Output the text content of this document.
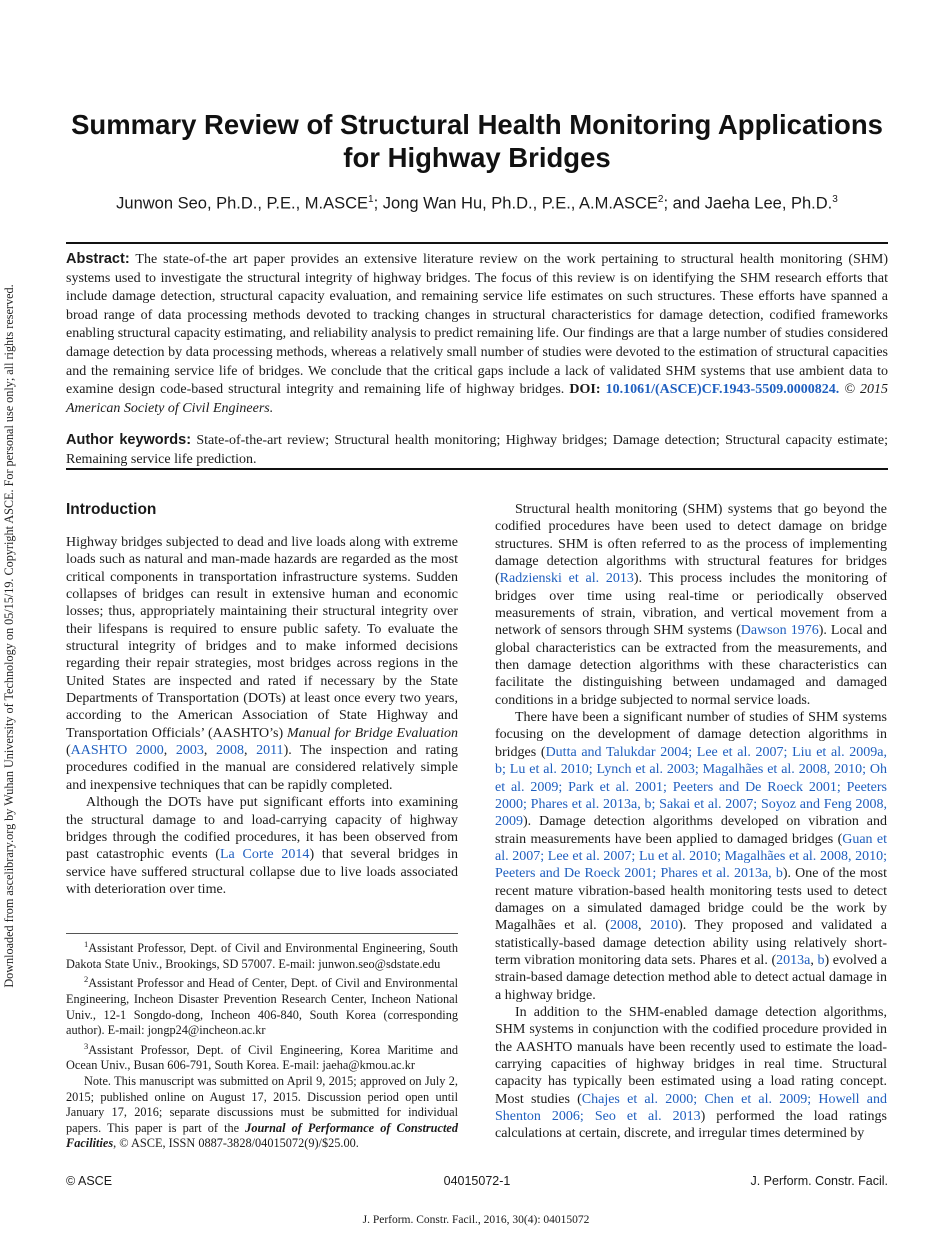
Downloaded from ascelibrary.org by Wuhan University of Technology on 05/15/19. Copyright ASCE. For personal use only; all rights reserved.
Summary Review of Structural Health Monitoring Applications for Highway Bridges
Junwon Seo, Ph.D., P.E., M.ASCE$^1$; Jong Wan Hu, Ph.D., P.E., A.M.ASCE$^2$; and Jaeha Lee, Ph.D.$^3$

Abstract: The state-of-the art paper provides an extensive literature review on the work pertaining to structural health monitoring (SHM) systems used to investigate the structural integrity of highway bridges. The focus of this review is on identifying the SHM research efforts that include damage detection, structural capacity evaluation, and remaining service life estimates on such structures. These efforts have spanned a broad range of data processing methods devoted to tracking changes in structural characteristics for damage detection, codified frameworks enabling structural capacity estimating, and reliability analysis to predict remaining life. Our findings are that a large number of studies considered damage detection by data processing methods, whereas a relatively small number of studies were devoted to the estimation of structural capacities and the remaining service life of bridges. We conclude that the critical gaps include a lack of validated SHM systems that use ambient data to examine design code-based structural integrity and remaining life of highway bridges. DOI: 10.1061/(ASCE)CF.1943-5509.0000824. © 2015 American Society of Civil Engineers.

Author keywords: State-of-the-art review; Structural health monitoring; Highway bridges; Damage detection; Structural capacity estimate; Remaining service life prediction.

Introduction

Highway bridges subjected to dead and live loads along with extreme loads such as natural and man-made hazards are regarded as the most critical components in transportation infrastructure systems. Sudden collapses of bridges can result in extensive human and economic losses; thus, appropriately maintaining their structural integrity over their lifespans is required to ensure public safety. To evaluate the structural integrity of bridges and to make informed decisions regarding their repair strategies, most bridges across regions in the United States are inspected and rated if necessary by the State Departments of Transportation (DOTs) at least once every two years, according to the American Association of State Highway and Transportation Officials’ (AASHTO’s) Manual for Bridge Evaluation (AASHTO 2000, 2003, 2008, 2011). The inspection and rating procedures codified in the manual are considered relatively simple and inexpensive techniques that can be rapidly completed.

Although the DOTs have put significant efforts into examining the structural damage to and load-carrying capacity of highway bridges through the codified procedures, it has been observed from past catastrophic events (La Corte 2014) that several bridges in service have suffered structural collapse due to live loads associated with deterioration over time.

$^1$Assistant Professor, Dept. of Civil and Environmental Engineering, South Dakota State Univ., Brookings, SD 57007. E-mail: junwon.seo@sdstate.edu

$^2$Assistant Professor and Head of Center, Dept. of Civil and Environmental Engineering, Incheon Disaster Prevention Research Center, Incheon National Univ., 12-1 Songdo-dong, Incheon 406-840, South Korea (corresponding author). E-mail: jongp24@incheon.ac.kr

$^3$Assistant Professor, Dept. of Civil Engineering, Korea Maritime and Ocean Univ., Busan 606-791, South Korea. E-mail: jaeha@kmou.ac.kr

Note. This manuscript was submitted on April 9, 2015; approved on July 2, 2015; published online on August 17, 2015. Discussion period open until January 17, 2016; separate discussions must be submitted for individual papers. This paper is part of the Journal of Performance of Constructed Facilities, © ASCE, ISSN 0887-3828/04015072(9)/$25.00.

Structural health monitoring (SHM) systems that go beyond the codified procedures have been used to detect damage on bridge structures. SHM is often referred to as the process of implementing damage detection algorithms with structural features for bridges (Radzienski et al. 2013). This process includes the monitoring of bridges over time using real-time or periodically observed measurements of strain, vibration, and vertical movement from a network of sensors through SHM systems (Dawson 1976). Local and global characteristics can be extracted from the measurements, and then damage detection algorithms with these characteristics can facilitate the distinguishing between undamaged and damaged conditions in a bridge subjected to normal service loads.

There have been a significant number of studies of SHM systems focusing on the development of damage detection algorithms in bridges (Dutta and Talukdar 2004; Lee et al. 2007; Liu et al. 2009a, b; Lu et al. 2010; Lynch et al. 2003; Magalhães et al. 2008, 2010; Oh et al. 2009; Park et al. 2001; Peeters and De Roeck 2001; Peeters 2000; Phares et al. 2013a, b; Sakai et al. 2007; Soyoz and Feng 2008, 2009). Damage detection algorithms developed on vibration and strain measurements have been applied to damaged bridges (Guan et al. 2007; Lee et al. 2007; Lu et al. 2010; Magalhães et al. 2008, 2010; Peeters and De Roeck 2001; Phares et al. 2013a, b). One of the most recent mature vibration-based health monitoring tests used to detect damages on a simulated damaged bridge could be the work by Magalhães et al. (2008, 2010). They proposed and validated a statistically-based damage detection ability using relatively short-term vibration monitoring data sets. Phares et al. (2013a, b) evolved a strain-based damage detection method able to detect actual damage in a highway bridge.

In addition to the SHM-enabled damage detection algorithms, SHM systems in conjunction with the codified procedure provided in the AASHTO manuals have been recently used to estimate the load-carrying capacities of highway bridges in real time. Structural capacity has typically been estimated using a load rating concept. Most studies (Chajes et al. 2000; Chen et al. 2009; Howell and Shenton 2006; Seo et al. 2013) performed the load ratings calculations at certain, discrete, and irregular times determined by

04015072-1
© ASCE	J. Perform. Constr. Facil.
J. Perform. Constr. Facil., 2016, 30(4): 04015072
